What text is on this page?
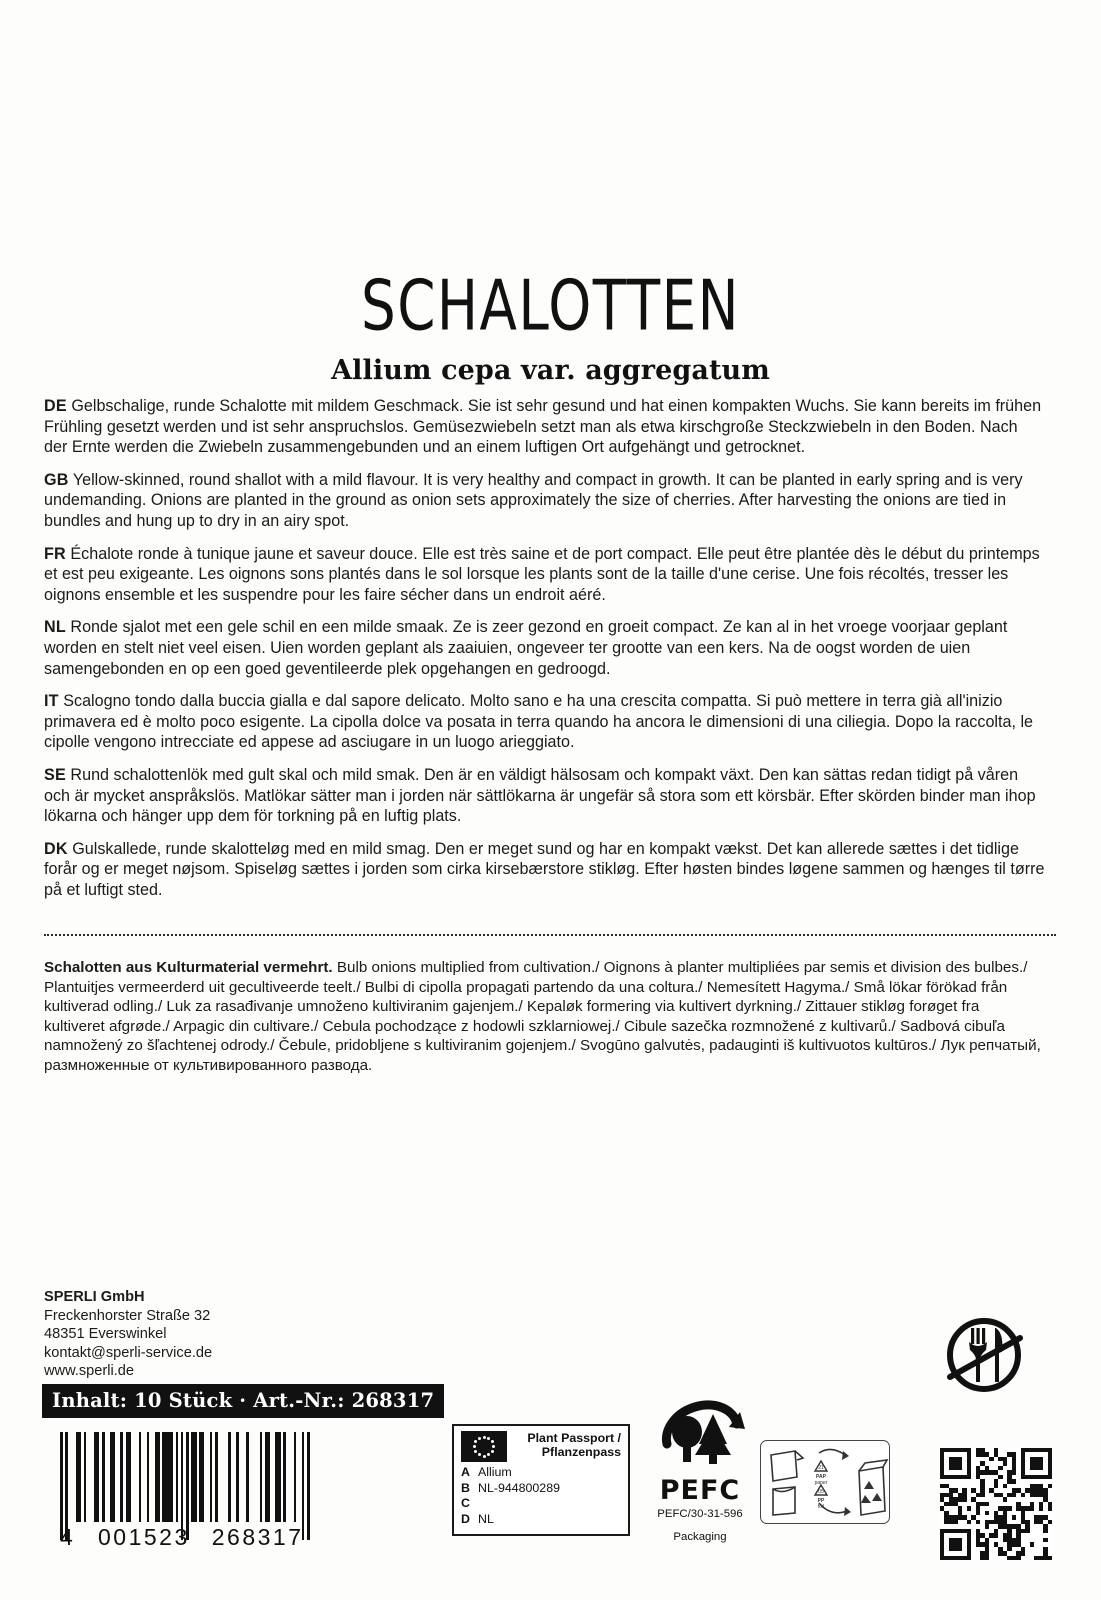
SCHALOTTEN
Allium cepa var. aggregatum

DE Gelbschalige, runde Schalotte mit mildem Geschmack. Sie ist sehr gesund und hat einen kompakten Wuchs. Sie kann bereits im frühen Frühling gesetzt werden und ist sehr anspruchslos. Gemüsezwiebeln setzt man als etwa kirschgroße Steckzwiebeln in den Boden. Nach der Ernte werden die Zwiebeln zusammengebunden und an einem luftigen Ort aufgehängt und getrocknet.

GB Yellow-skinned, round shallot with a mild flavour. It is very healthy and compact in growth. It can be planted in early spring and is very undemanding. Onions are planted in the ground as onion sets approximately the size of cherries. After harvesting the onions are tied in bundles and hung up to dry in an airy spot.

FR Échalote ronde à tunique jaune et saveur douce. Elle est très saine et de port compact. Elle peut être plantée dès le début du printemps et est peu exigeante. Les oignons sons plantés dans le sol lorsque les plants sont de la taille d'une cerise. Une fois récoltés, tresser les oignons ensemble et les suspendre pour les faire sécher dans un endroit aéré.

NL Ronde sjalot met een gele schil en een milde smaak. Ze is zeer gezond en groeit compact. Ze kan al in het vroege voorjaar geplant worden en stelt niet veel eisen. Uien worden geplant als zaaiuien, ongeveer ter grootte van een kers. Na de oogst worden de uien samengebonden en op een goed geventileerde plek opgehangen en gedroogd.

IT Scalogno tondo dalla buccia gialla e dal sapore delicato. Molto sano e ha una crescita compatta. Si può mettere in terra già all'inizio primavera ed è molto poco esigente. La cipolla dolce va posata in terra quando ha ancora le dimensioni di una ciliegia. Dopo la raccolta, le cipolle vengono intrecciate ed appese ad asciugare in un luogo arieggiato.

SE Rund schalottenlök med gult skal och mild smak. Den är en väldigt hälsosam och kompakt växt. Den kan sättas redan tidigt på våren och är mycket anspråkslös. Matlökar sätter man i jorden när sättlökarna är ungefär så stora som ett körsbär. Efter skörden binder man ihop lökarna och hänger upp dem för torkning på en luftig plats.

DK Gulskallede, runde skalotteløg med en mild smag. Den er meget sund og har en kompakt vækst. Det kan allerede sættes i det tidlige forår og er meget nøjsom. Spiseløg sættes i jorden som cirka kirsebærstore stikløg. Efter høsten bindes løgene sammen og hænges til tørre på et luftigt sted.

Schalotten aus Kulturmaterial vermehrt. Bulb onions multiplied from cultivation./ Oignons à planter multipliées par semis et division des bulbes./ Plantuitjes vermeerderd uit gecultiveerde teelt./ Bulbi di cipolla propagati partendo da una coltura./ Nemesített Hagyma./ Små lökar förökad från kultiverad odling./ Luk za rasađivanje umnoženo kultiviranim gajenjem./ Kepaløk formering via kultivert dyrkning./ Zittauer stikløg forøget fra kultiveret afgrøde./ Arpagic din cultivare./ Cebula pochodzące z hodowli szklarniowej./ Cibule sazečka rozmnožené z kultivarů./ Sadbová cibuľa namnožený zo šľachtenej odrody./ Čebule, pridobljene s kultiviranim gojenjem./ Svogūno galvutės, padauginti iš kultivuotos kultūros./ Лук репчатый, размноженные от культивированного развода.
SPERLI GmbH
Freckenhorster Straße 32
48351 Everswinkel
kontakt@sperli-service.de
www.sperli.de
Inhalt: 10 Stück · Art.-Nr.: 268317
4 001523 268317
Plant Passport /
Pflanzenpass
A Allium
B NL-944800289
C
D NL
PEFC
PEFC/30-31-596
Packaging
21
PAP
paper
05
PP
foil
